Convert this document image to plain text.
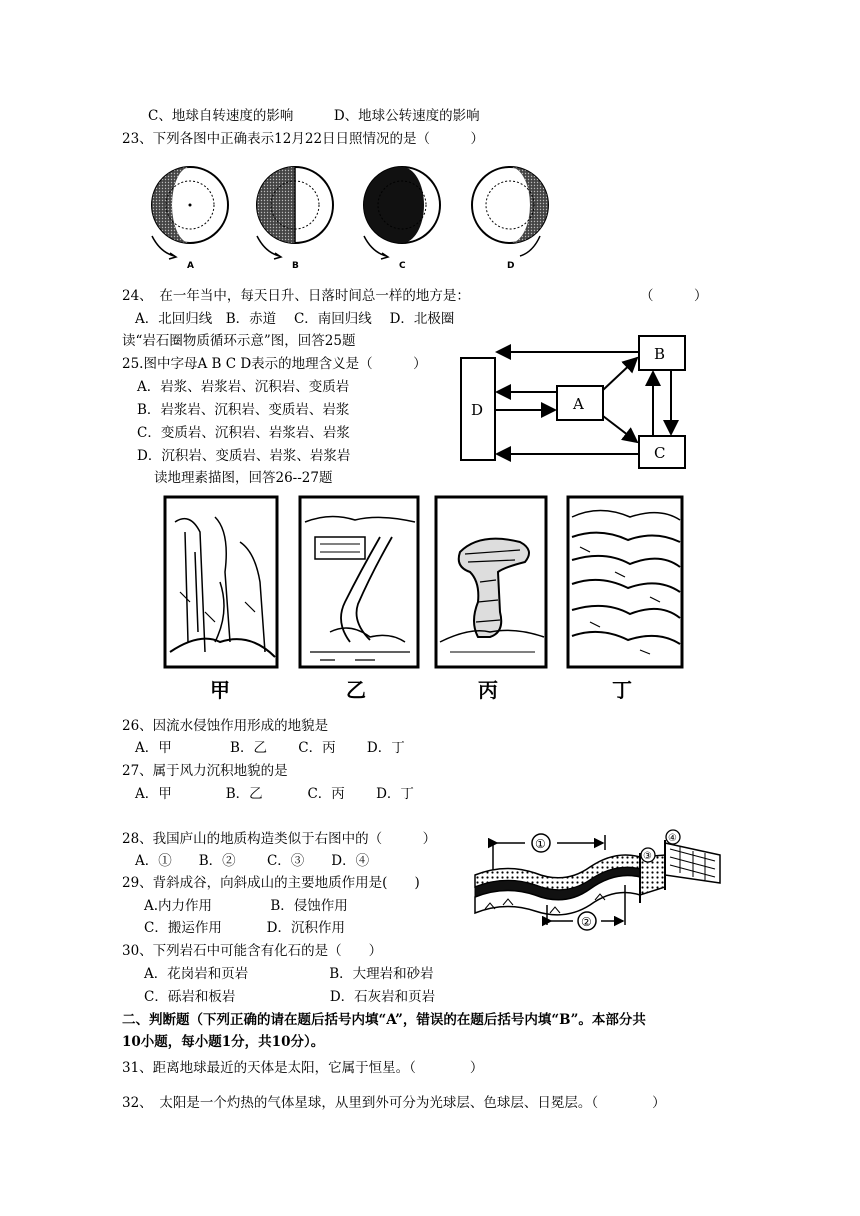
C、地球自转速度的影响　　　D、地球公转速度的影响
23、下列各图中正确表示12月22日日照情况的是（　　　）
A	B	C	D
24、　在一年当中，每天日升、日落时间总一样的地方是：	（　　　）
A．北回归线　B．赤道　 C．南回归线　 D．北极圈
读“岩石圈物质循环示意”图，回答25题
25.图中字母A B C D表示的地理含义是（　　　）
A．岩浆、岩浆岩、沉积岩、变质岩
B．岩浆岩、沉积岩、变质岩、岩浆
C．变质岩、沉积岩、岩浆岩、岩浆
D．沉积岩、变质岩、岩浆、岩浆岩
读地理素描图，回答26--27题
D	A
B
C
甲	乙	丙	丁
26、因流水侵蚀作用形成的地貌是
A．甲　　　　 B．乙　　 C．丙　　 D．丁
27、属于风力沉积地貌的是
A．甲　　　　B．乙　　　 C．丙　　 D．丁
28、我国庐山的地质构造类似于右图中的（　　　）
A．①　　B．②　　 C．③　　D．④
29、背斜成谷，向斜成山的主要地质作用是(　　)
A.内力作用　　　　 B．侵蚀作用
C．搬运作用　　　 D．沉积作用
30、下列岩石中可能含有化石的是（　　）
A．花岗岩和页岩　　　　　　B．大理岩和砂岩
C．砾岩和板岩　　　　　　　D．石灰岩和页岩
①
③
④
②
二、判断题（下列正确的请在题后括号内填“A”，错误的在题后括号内填“B”。本部分共
10小题，每小题1分，共10分）。
31、距离地球最近的天体是太阳，它属于恒星。（　　　　）
32、　太阳是一个灼热的气体星球，从里到外可分为光球层、色球层、日冕层。（　　　　）
